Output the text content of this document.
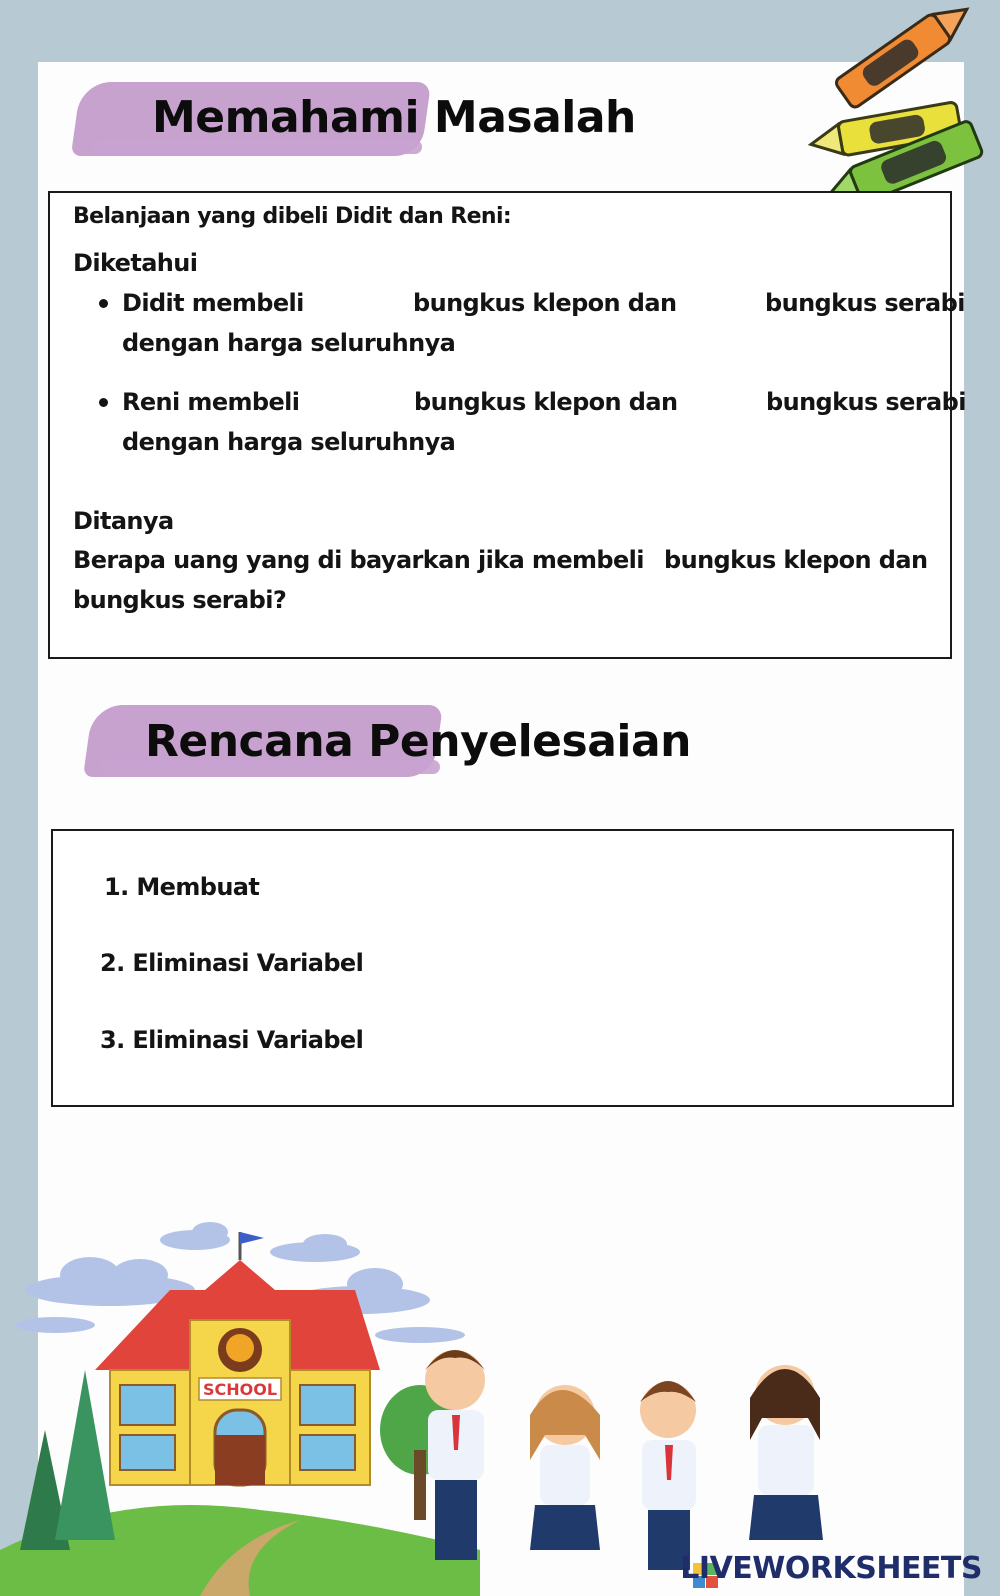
Memahami Masalah
Belanjaan yang dibeli Didit dan Reni:
Diketahui
Didit membeli	bungkus klepon dan	bungkus serabi
dengan harga seluruhnya
Reni membeli	bungkus klepon dan	bungkus serabi
dengan harga seluruhnya
Ditanya
Berapa uang yang di bayarkan jika membeli bungkus klepon dan
bungkus serabi?
Rencana Penyelesaian
1. Membuat
2. Eliminasi Variabel
3. Eliminasi Variabel
SCHOOL
LIVEWORKSHEETS
